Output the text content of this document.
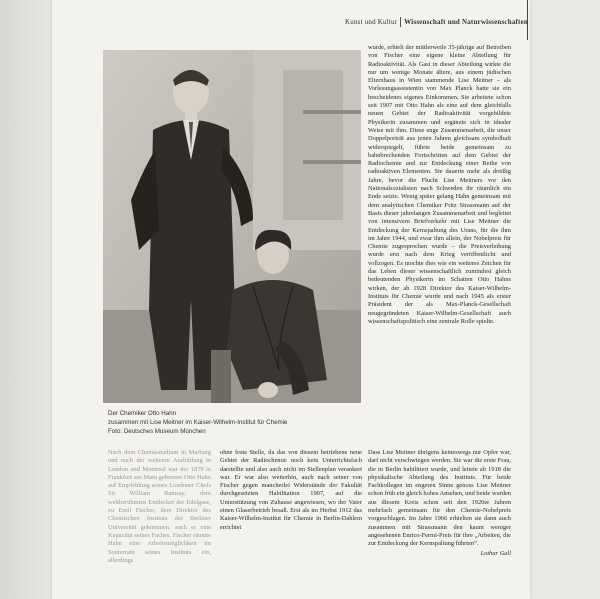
Kunst und Kultur Wissenschaft und Naturwissenschaften
Der Chemiker Otto Hahn
zusammen mit Lise Meitner im Kaiser-Wilhelm-Institut für Chemie
Foto: Deutsches Museum München

wurde, erhielt der mittlerweile 35-jährige auf Betreiben von Fischer eine eigene kleine Abteilung für Radioaktivität. Als Gast in dieser Abteilung wirkte die nur um wenige Monate ältere, aus einem jüdischen Elternhaus in Wien stammende Lise Meitner – als Vorlesungsassistentin von Max Planck hatte sie ein bescheidenes eigenes Einkommen. Sie arbeitete schon seit 1907 mit Otto Hahn als eine auf dem gleichfalls neuen Gebiet der Radioaktivität vorgebildete Physikerin zusammen und ergänzte sich in idealer Weise mit ihm. Diese enge Zusammenarbeit, die unser Doppelporträt aus jenen Jahren gleichsam symbolhaft widerspiegelt, führte beide gemeinsam zu bahnbrechenden Fortschritten auf dem Gebiet der Radiochemie und zur Entdeckung einer Reihe von radioaktiven Elementen. Sie dauerte mehr als dreißig Jahre, bevor die Flucht Lise Meitners vor den Nationalsozialisten nach Schweden ihr räumlich ein Ende setzte. Wenig später gelang Hahn gemeinsam mit dem analytischen Chemiker Fritz Strassmann auf der Basis dieser jahrelangen Zusammenarbeit und begleitet von intensivem Briefverkehr mit Lise Meitner die Entdeckung der Kernspaltung des Urans, für die ihm im Jahre 1944, und zwar ihm allein, der Nobelpreis für Chemie zugesprochen wurde – die Preisverleihung wurde erst nach dem Krieg veröffentlicht und vollzogen. Es mochte dies wie ein weiteres Zeichen für das Leben dieser wissenschaftlich zumindest gleich bedeutenden Physikerin im Schatten Otto Hahns wirken, der ab 1928 Direktor des Kaiser-Wilhelm-Instituts für Chemie wurde und nach 1945 als erster Präsident der als Max-Planck-Gesellschaft neugegründeten Kaiser-Wilhelm-Gesellschaft auch wissenschaftspolitisch eine zentrale Rolle spielte.

Nach dem Chemiestudium in Marburg und nach der weiteren Ausbildung in London und Montreal war der 1879 in Frankfurt am Main geborene Otto Hahn auf Empfehlung seines Londoner Chefs Sir William Ramsay, dem weltberühmten Entdecker der Edelgase, zu Emil Fischer, dem Direktor des Chemischen Instituts der Berliner Universität gekommen, auch er eine Kapazität seines Faches. Fischer räumte Hahn eine Arbeitsmöglichkeit im Souterrain seines Instituts ein, allerdings

ohne feste Stelle, da das von diesem betriebene neue Gebiet der Radiochemie noch kein Unterrichtsfach darstellte und also auch nicht im Stellenplan verankert war. Er war also weiterhin, auch nach seiner von Fischer gegen mancherlei Widerstände der Fakultät durchgesetzten Habilitation 1907, auf die Unterstützung von Zuhause angewiesen, wo der Vater einen Glaserbetrieb besaß. Erst als im Herbst 1912 das Kaiser-Wilhelm-Institut für Chemie in Berlin-Dahlem errichtet

Dass Lise Meitner übrigens keineswegs nur Opfer war, darf nicht verschwiegen werden. Sie war die erste Frau, die in Berlin habilitiert wurde, und leitete ab 1918 die physikalische Abteilung des Instituts. Für beide Fachkollegen im engeren Sinne genoss Lise Meitner schon früh ein gleich hohes Ansehen, und beide wurden aus diesem Kreis schon seit den 1920er Jahren mehrfach gemeinsam für den Chemie-Nobelpreis vorgeschlagen. Im Jahre 1966 erhielten sie dann auch zusammen mit Strassmann den kaum weniger angesehenen Enrico-Fermi-Preis für ihre „Arbeiten, die zur Entdeckung der Kernspaltung führten“.

Lothar Gall
